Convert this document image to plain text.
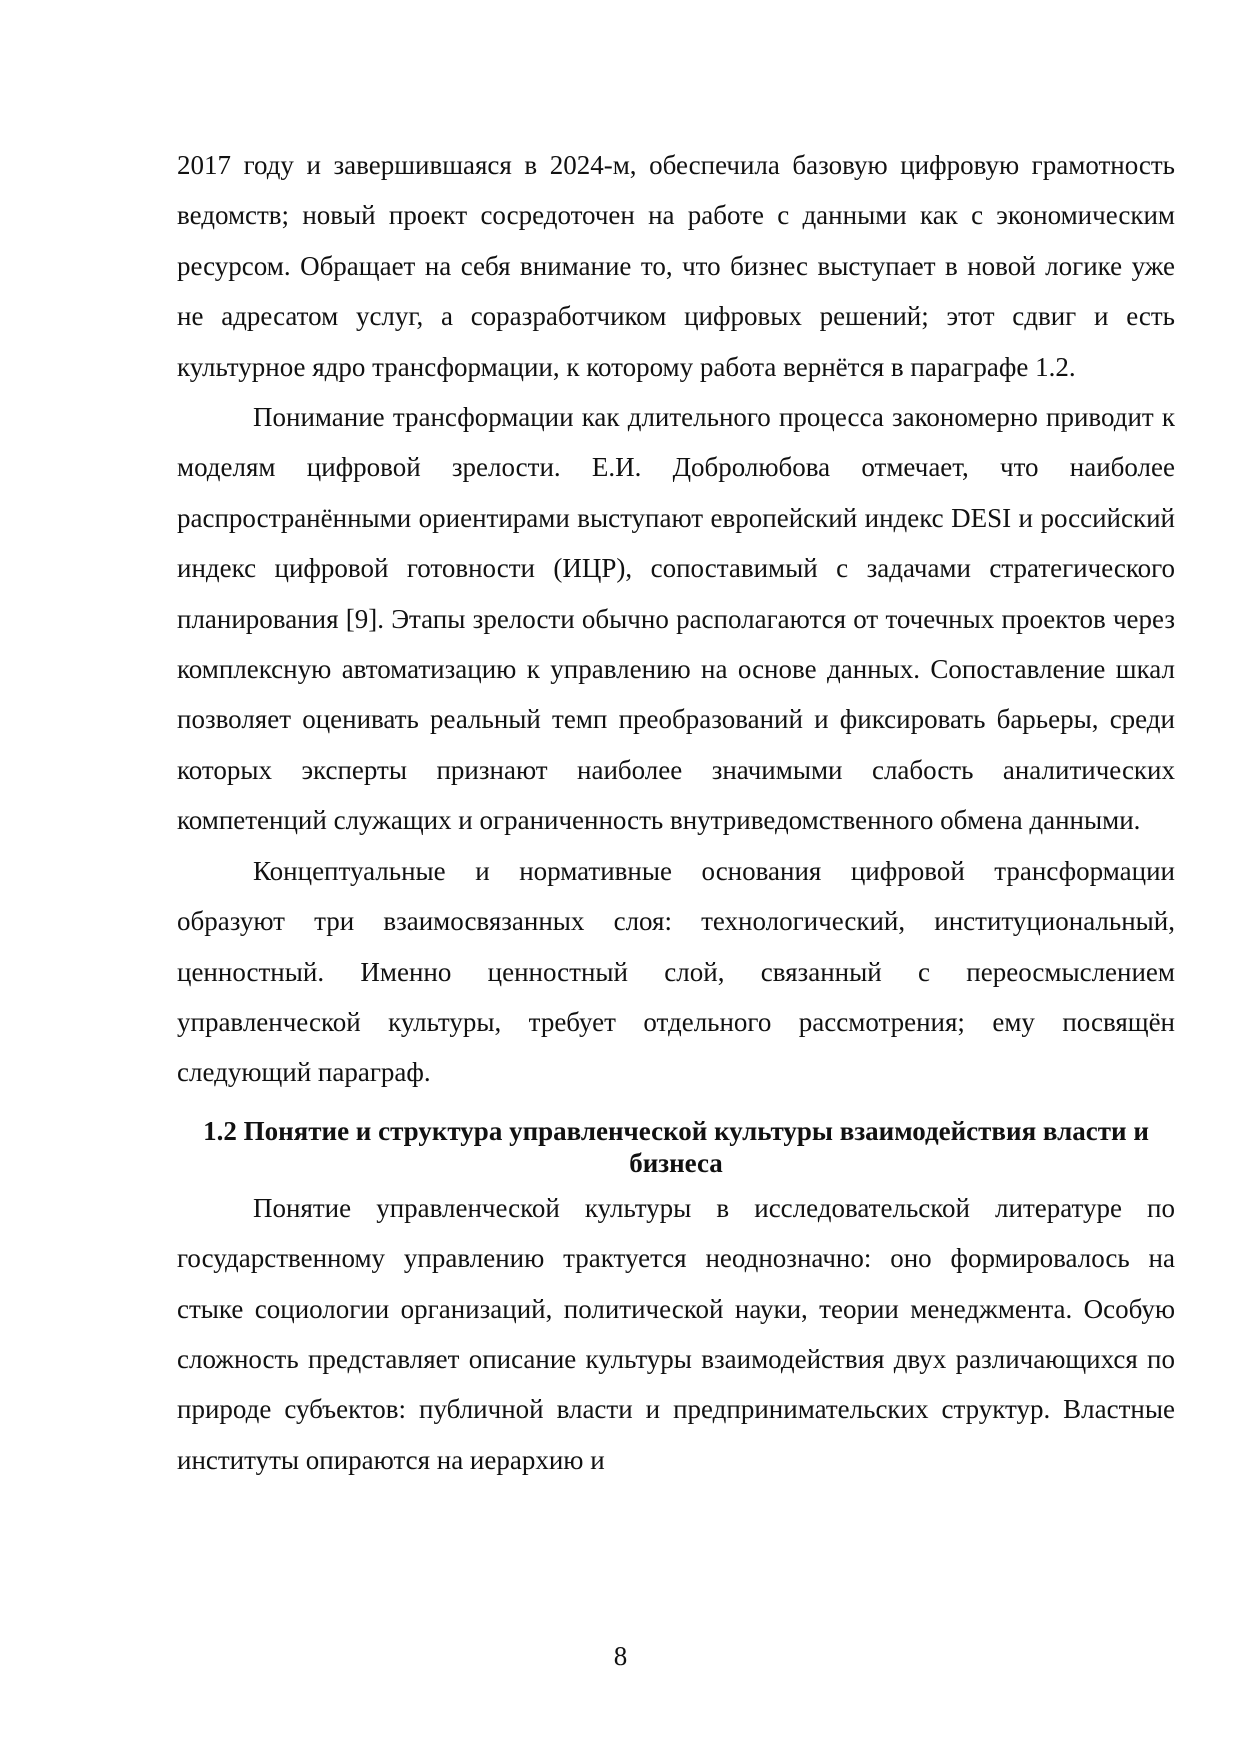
2017 году и завершившаяся в 2024-м, обеспечила базовую цифровую грамотность ведомств; новый проект сосредоточен на работе с данными как с экономическим ресурсом. Обращает на себя внимание то, что бизнес выступает в новой логике уже не адресатом услуг, а соразработчиком цифровых решений; этот сдвиг и есть культурное ядро трансформации, к которому работа вернётся в параграфе 1.2.

Понимание трансформации как длительного процесса закономерно приводит к моделям цифровой зрелости. Е.И. Добролюбова отмечает, что наиболее распространёнными ориентирами выступают европейский индекс DESI и российский индекс цифровой готовности (ИЦР), сопоставимый с задачами стратегического планирования [9]. Этапы зрелости обычно располагаются от точечных проектов через комплексную автоматизацию к управлению на основе данных. Сопоставление шкал позволяет оценивать реальный темп преобразований и фиксировать барьеры, среди которых эксперты признают наиболее значимыми слабость аналитических компетенций служащих и ограниченность внутриведомственного обмена данными.

Концептуальные и нормативные основания цифровой трансформации образуют три взаимосвязанных слоя: технологический, институциональный, ценностный. Именно ценностный слой, связанный с переосмыслением управленческой культуры, требует отдельного рассмотрения; ему посвящён следующий параграф.

1.2 Понятие и структура управленческой культуры взаимодействия власти и бизнеса

Понятие управленческой культуры в исследовательской литературе по государственному управлению трактуется неоднозначно: оно формировалось на стыке социологии организаций, политической науки, теории менеджмента. Особую сложность представляет описание культуры взаимодействия двух различающихся по природе субъектов: публичной власти и предпринимательских структур. Властные институты опираются на иерархию и

8
